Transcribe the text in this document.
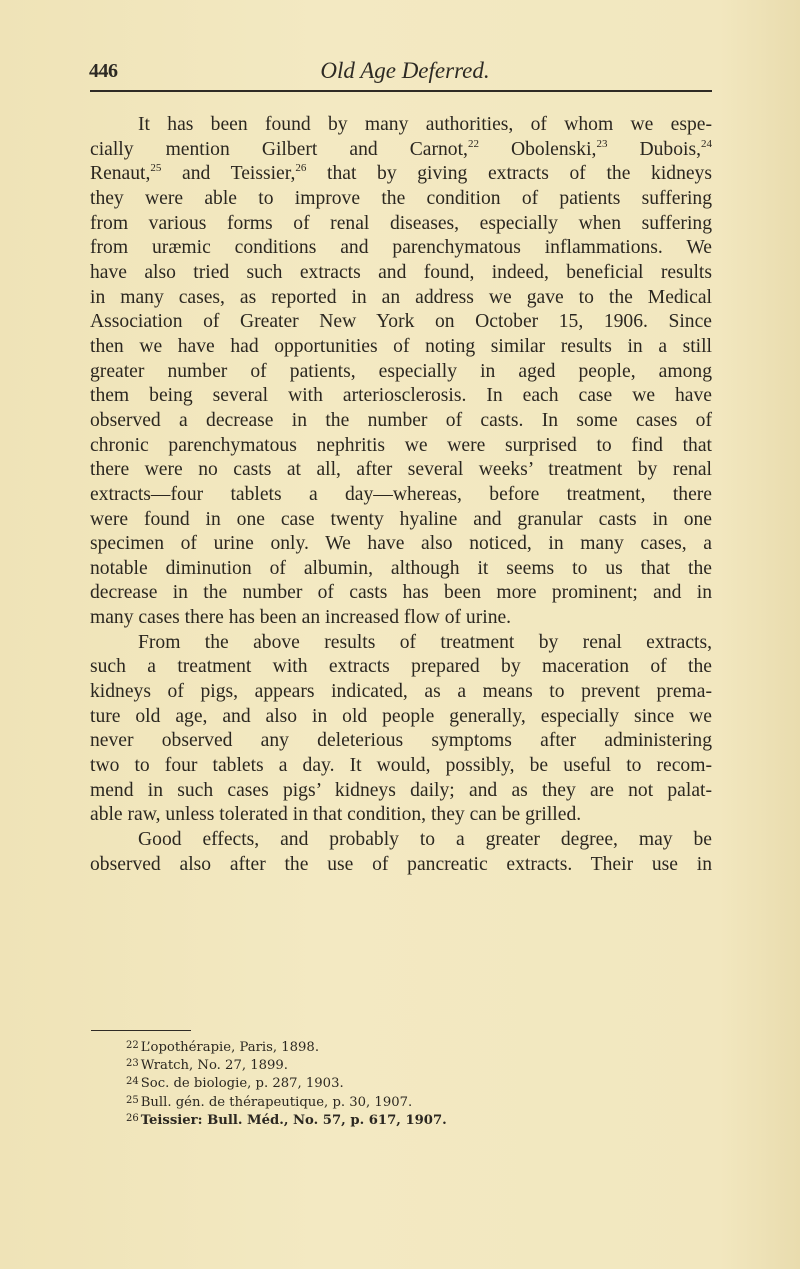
446	Old Age Deferred.
It has been found by many authorities, of whom we espe-
cially mention Gilbert and Carnot,$^{22}$ Obolenski,$^{23}$ Dubois,$^{24}$
Renaut,$^{25}$ and Teissier,$^{26}$ that by giving extracts of the kidneys
they were able to improve the condition of patients suffering
from various forms of renal diseases, especially when suffering
from uræmic conditions and parenchymatous inflammations. We
have also tried such extracts and found, indeed, beneficial results
in many cases, as reported in an address we gave to the Medical
Association of Greater New York on October 15, 1906. Since
then we have had opportunities of noting similar results in a still
greater number of patients, especially in aged people, among
them being several with arteriosclerosis. In each case we have
observed a decrease in the number of casts. In some cases of
chronic parenchymatous nephritis we were surprised to find that
there were no casts at all, after several weeks’ treatment by renal
extracts—four tablets a day—whereas, before treatment, there
were found in one case twenty hyaline and granular casts in one
specimen of urine only. We have also noticed, in many cases, a
notable diminution of albumin, although it seems to us that the
decrease in the number of casts has been more prominent; and in
many cases there has been an increased flow of urine.
From the above results of treatment by renal extracts,
such a treatment with extracts prepared by maceration of the
kidneys of pigs, appears indicated, as a means to prevent prema-
ture old age, and also in old people generally, especially since we
never observed any deleterious symptoms after administering
two to four tablets a day. It would, possibly, be useful to recom-
mend in such cases pigs’ kidneys daily; and as they are not palat-
able raw, unless tolerated in that condition, they can be grilled.
Good effects, and probably to a greater degree, may be
observed also after the use of pancreatic extracts. Their use in
$^{22}$ L’opothérapie, Paris, 1898.
$^{23}$ Wratch, No. 27, 1899.
$^{24}$ Soc. de biologie, p. 287, 1903.
$^{25}$ Bull. gén. de thérapeutique, p. 30, 1907.
$^{26}$ Teissier: Bull. Méd., No. 57, p. 617, 1907.
